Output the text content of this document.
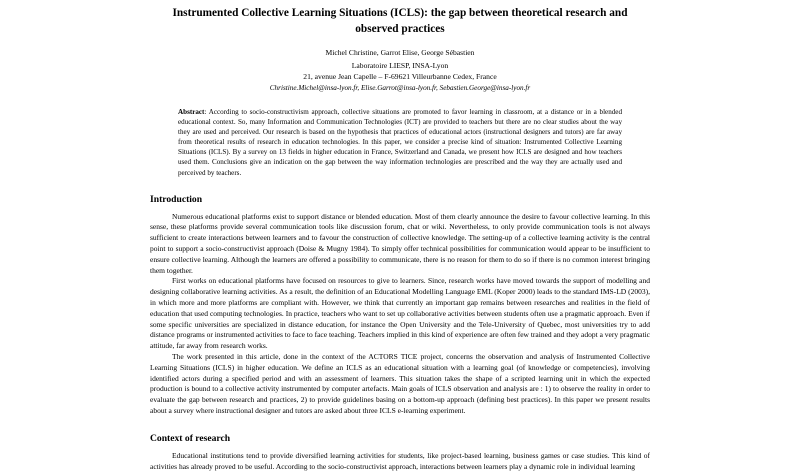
Instrumented Collective Learning Situations (ICLS): the gap between theoretical research and observed practices
Michel Christine, Garrot Elise, George Sébastien
Laboratoire LIESP, INSA-Lyon
21, avenue Jean Capelle – F-69621 Villeurbanne Cedex, France
Christine.Michel@insa-lyon.fr, Elise.Garrot@insa-lyon.fr, Sebastien.George@insa-lyon.fr
Abstract: According to socio-constructivism approach, collective situations are promoted to favor learning in classroom, at a distance or in a blended educational context. So, many Information and Communication Technologies (ICT) are provided to teachers but there are no clear studies about the way they are used and perceived. Our research is based on the hypothesis that practices of educational actors (instructional designers and tutors) are far away from theoretical results of research in education technologies. In this paper, we consider a precise kind of situation: Instrumented Collective Learning Situations (ICLS). By a survey on 13 fields in higher education in France, Switzerland and Canada, we present how ICLS are designed and how teachers used them. Conclusions give an indication on the gap between the way information technologies are prescribed and the way they are actually used and perceived by teachers.
Introduction

Numerous educational platforms exist to support distance or blended education. Most of them clearly announce the desire to favour collective learning. In this sense, these platforms provide several communication tools like discussion forum, chat or wiki. Nevertheless, to only provide communication tools is not always sufficient to create interactions between learners and to favour the construction of collective knowledge. The setting-up of a collective learning activity is the central point to support a socio-constructivist approach (Doise & Mugny 1984). To simply offer technical possibilities for communication would appear to be insufficient to ensure collective learning. Although the learners are offered a possibility to communicate, there is no reason for them to do so if there is no common interest bringing them together.

First works on educational platforms have focused on resources to give to learners. Since, research works have moved towards the support of modelling and designing collaborative learning activities. As a result, the definition of an Educational Modelling Language EML (Koper 2000) leads to the standard IMS-LD (2003), in which more and more platforms are compliant with. However, we think that currently an important gap remains between researches and realities in the field of education that used computing technologies. In practice, teachers who want to set up collaborative activities between students often use a pragmatic approach. Even if some specific universities are specialized in distance education, for instance the Open University and the Tele-University of Quebec, most universities try to add distance programs or instrumented activities to face to face teaching. Teachers implied in this kind of experience are often few trained and they adopt a very pragmatic attitude, far away from research works.

The work presented in this article, done in the context of the ACTORS TICE project, concerns the observation and analysis of Instrumented Collective Learning Situations (ICLS) in higher education. We define an ICLS as an educational situation with a learning goal (of knowledge or competencies), involving identified actors during a specified period and with an assessment of learners. This situation takes the shape of a scripted learning unit in which the expected production is bound to a collective activity instrumented by computer artefacts. Main goals of ICLS observation and analysis are : 1) to observe the reality in order to evaluate the gap between research and practices, 2) to provide guidelines basing on a bottom-up approach (defining best practices). In this paper we present results about a survey where instructional designer and tutors are asked about three ICLS e-learning experiment.

Context of research

Educational institutions tend to provide diversified learning activities for students, like project-based learning, business games or case studies. This kind of activities has already proved to be useful. According to the socio-constructivist approach, interactions between learners play a dynamic role in individual learning
